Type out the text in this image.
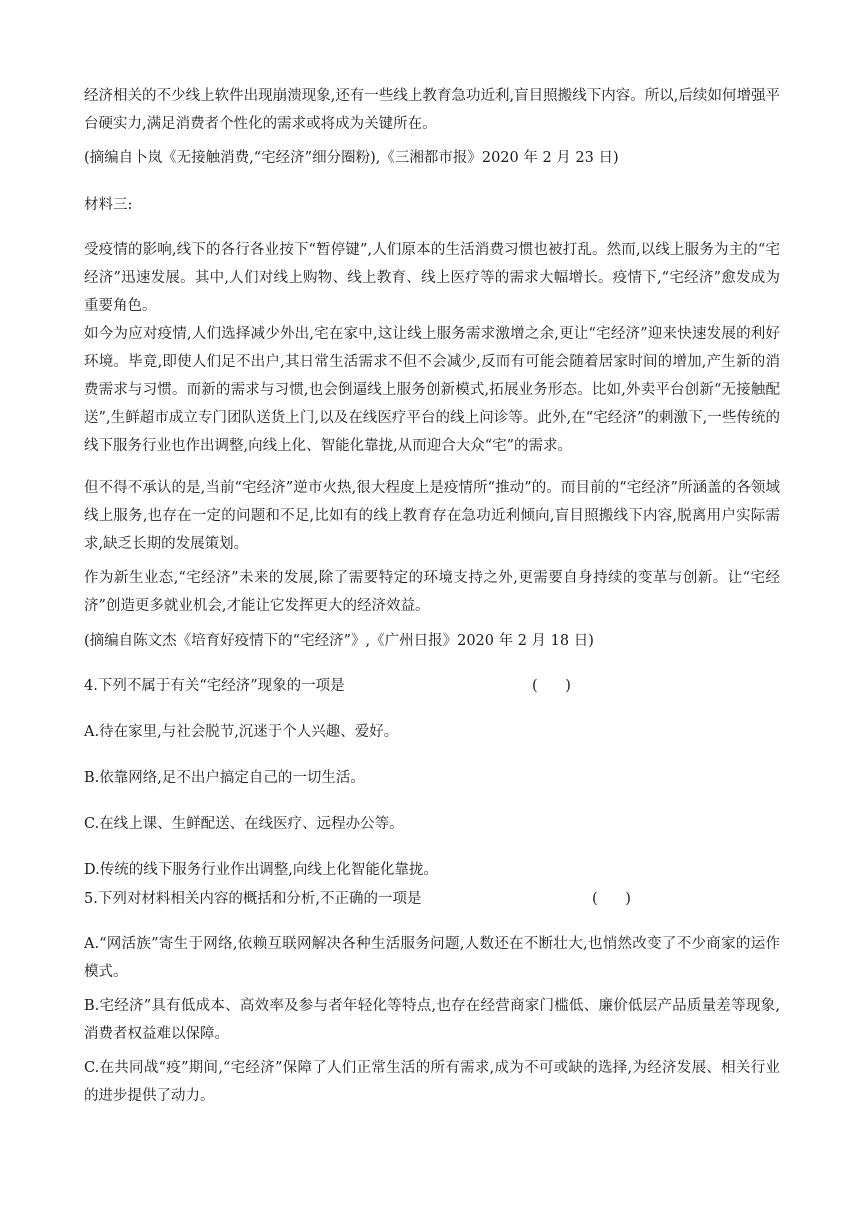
经济相关的不少线上软件出现崩溃现象,还有一些线上教育急功近利,盲目照搬线下内容。所以,后续如何增强平台硬实力,满足消费者个性化的需求或将成为关键所在。

(摘编自卜岚《无接触消费,“宅经济”细分圈粉),《三湘都市报》2020 年 2 月 23 日)

材料三:

受疫情的影响,线下的各行各业按下“暂停键”,人们原本的生活消费习惯也被打乱。然而,以线上服务为主的“宅经济”迅速发展。其中,人们对线上购物、线上教育、线上医疗等的需求大幅增长。疫情下,“宅经济”愈发成为重要角色。

如今为应对疫情,人们选择减少外出,宅在家中,这让线上服务需求激增之余,更让“宅经济”迎来快速发展的利好环境。毕竟,即使人们足不出户,其日常生活需求不但不会减少,反而有可能会随着居家时间的增加,产生新的消费需求与习惯。而新的需求与习惯,也会倒逼线上服务创新模式,拓展业务形态。比如,外卖平台创新“无接触配送”,生鲜超市成立专门团队送货上门,以及在线医疗平台的线上问诊等。此外,在“宅经济”的刺激下,一些传统的线下服务行业也作出调整,向线上化、智能化靠拢,从而迎合大众“宅”的需求。

但不得不承认的是,当前“宅经济”逆市火热,很大程度上是疫情所“推动”的。而目前的“宅经济”所涵盖的各领域线上服务,也存在一定的问题和不足,比如有的线上教育存在急功近利倾向,盲目照搬线下内容,脱离用户实际需求,缺乏长期的发展策划。

作为新生业态,“宅经济”未来的发展,除了需要特定的环境支持之外,更需要自身持续的变革与创新。让“宅经济”创造更多就业机会,才能让它发挥更大的经济效益。

(摘编自陈文杰《培育好疫情下的“宅经济”》,《广州日报》2020 年 2 月 18 日)

4.下列不属于有关“宅经济”现象的一项是	(      )

A.待在家里,与社会脱节,沉迷于个人兴趣、爱好。

B.依靠网络,足不出户搞定自己的一切生活。

C.在线上课、生鲜配送、在线医疗、远程办公等。

D.传统的线下服务行业作出调整,向线上化智能化靠拢。

5.下列对材料相关内容的概括和分析,不正确的一项是	(      )

A.“网活族”寄生于网络,依赖互联网解决各种生活服务问题,人数还在不断壮大,也悄然改变了不少商家的运作模式。

B.宅经济”具有低成本、高效率及参与者年轻化等特点,也存在经营商家门槛低、廉价低层产品质量差等现象,消费者权益难以保障。

C.在共同战“疫”期间,“宅经济”保障了人们正常生活的所有需求,成为不可或缺的选择,为经济发展、相关行业的进步提供了动力。
